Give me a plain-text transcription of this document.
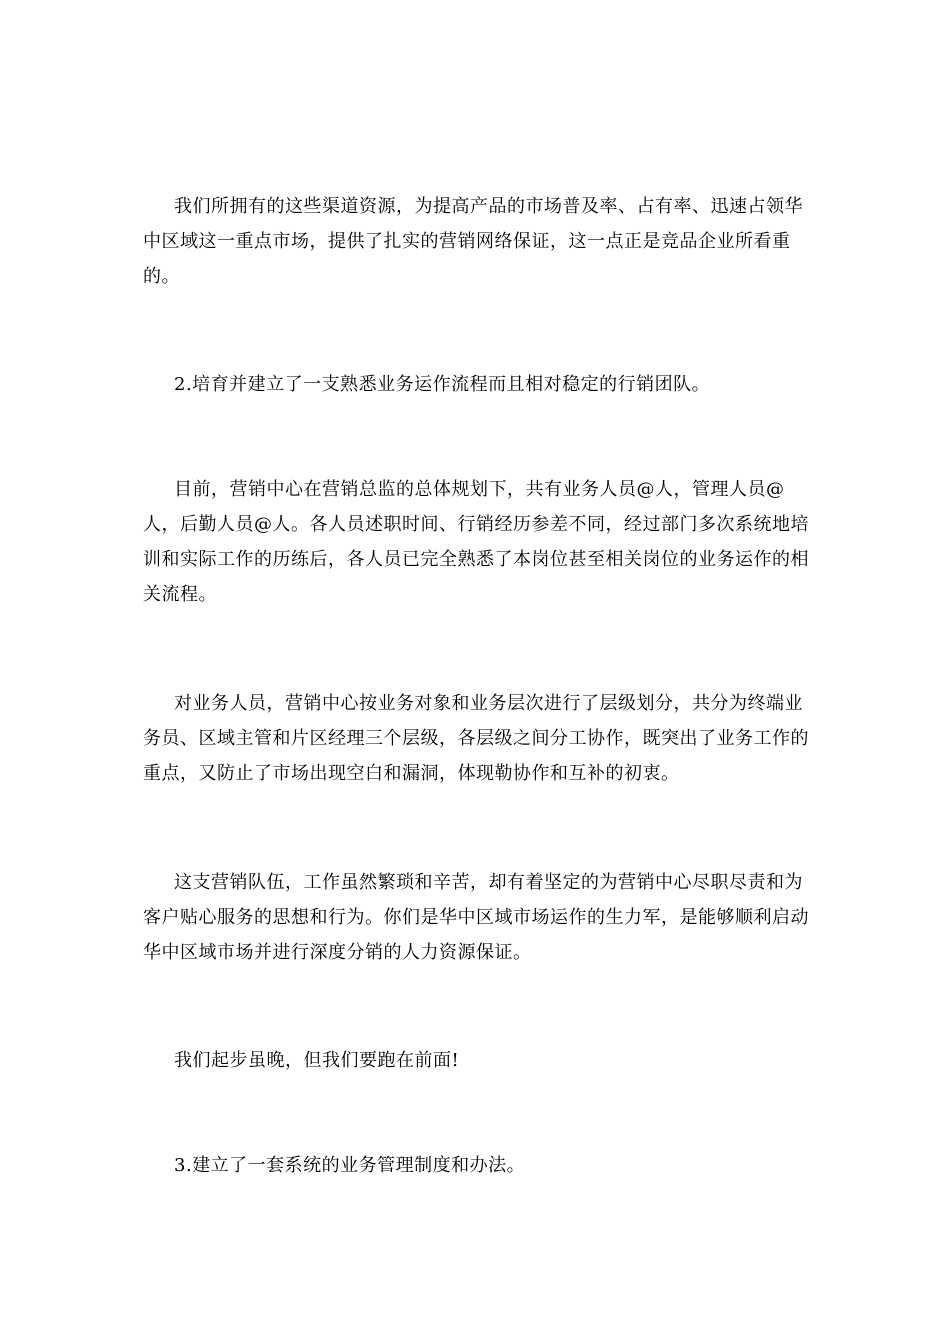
我们所拥有的这些渠道资源，为提高产品的市场普及率、占有率、迅速占领华中区域这一重点市场，提供了扎实的营销网络保证，这一点正是竞品企业所看重的。

2.培育并建立了一支熟悉业务运作流程而且相对稳定的行销团队。

目前，营销中心在营销总监的总体规划下，共有业务人员@人，管理人员@人，后勤人员@人。各人员述职时间、行销经历参差不同，经过部门多次系统地培训和实际工作的历练后，各人员已完全熟悉了本岗位甚至相关岗位的业务运作的相关流程。

对业务人员，营销中心按业务对象和业务层次进行了层级划分，共分为终端业务员、区域主管和片区经理三个层级，各层级之间分工协作，既突出了业务工作的重点，又防止了市场出现空白和漏洞，体现勒协作和互补的初衷。

这支营销队伍，工作虽然繁琐和辛苦，却有着坚定的为营销中心尽职尽责和为客户贴心服务的思想和行为。你们是华中区域市场运作的生力军，是能够顺利启动华中区域市场并进行深度分销的人力资源保证。

我们起步虽晚，但我们要跑在前面!

3.建立了一套系统的业务管理制度和办法。
